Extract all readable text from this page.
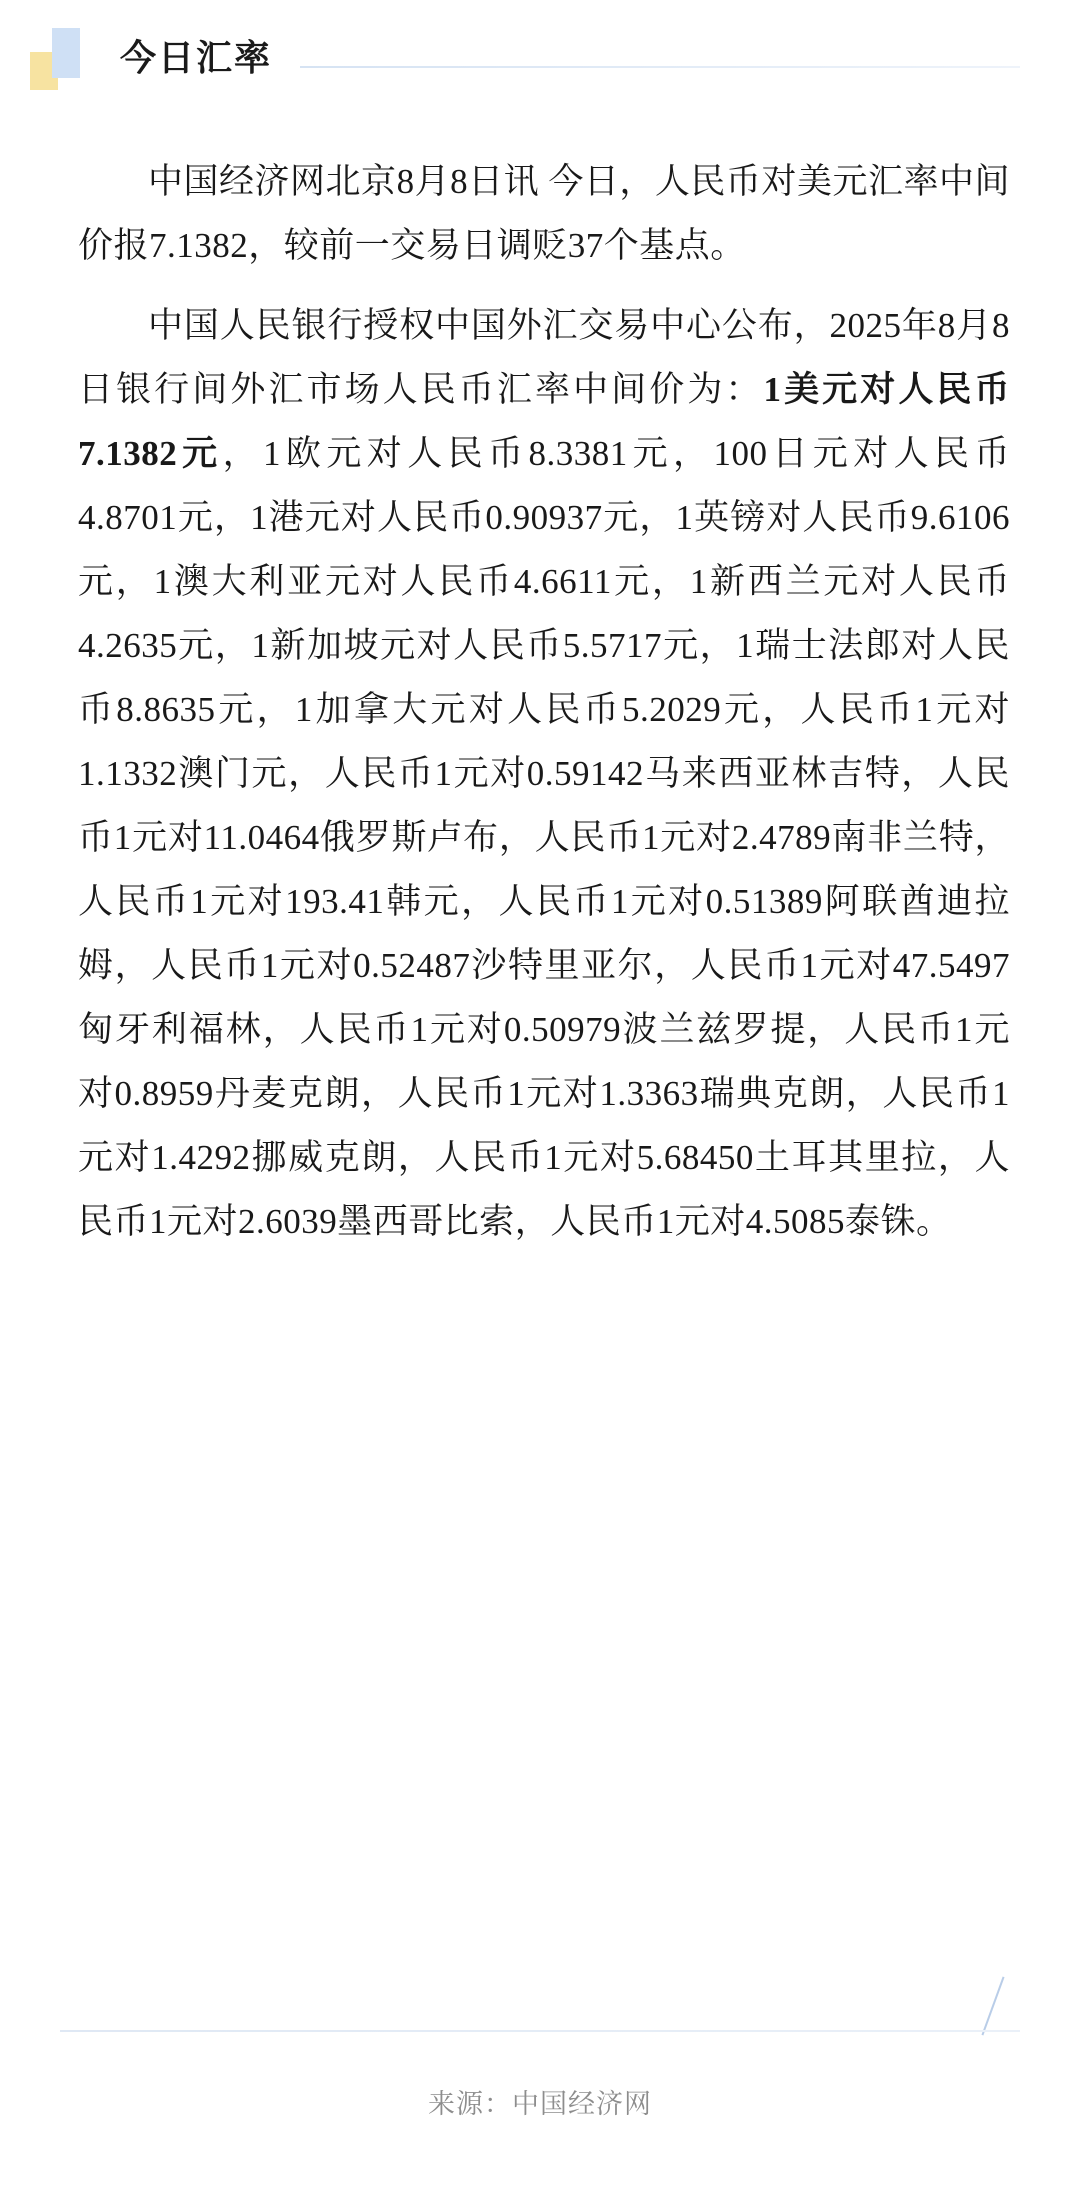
今日汇率

中国经济网北京8月8日讯 今日，人民币对美元汇率中间价报7.1382，较前一交易日调贬37个基点。

中国人民银行授权中国外汇交易中心公布，2025年8月8日银行间外汇市场人民币汇率中间价为：1美元对人民币7.1382元，1欧元对人民币8.3381元，100日元对人民币4.8701元，1港元对人民币0.90937元，1英镑对人民币9.6106元，1澳大利亚元对人民币4.6611元，1新西兰元对人民币4.2635元，1新加坡元对人民币5.5717元，1瑞士法郎对人民币8.8635元，1加拿大元对人民币5.2029元，人民币1元对1.1332澳门元，人民币1元对0.59142马来西亚林吉特，人民币1元对11.0464俄罗斯卢布，人民币1元对2.4789南非兰特，人民币1元对193.41韩元，人民币1元对0.51389阿联酋迪拉姆，人民币1元对0.52487沙特里亚尔，人民币1元对47.5497匈牙利福林，人民币1元对0.50979波兰兹罗提，人民币1元对0.8959丹麦克朗，人民币1元对1.3363瑞典克朗，人民币1元对1.4292挪威克朗，人民币1元对5.68450土耳其里拉，人民币1元对2.6039墨西哥比索，人民币1元对4.5085泰铢。

来源：中国经济网
